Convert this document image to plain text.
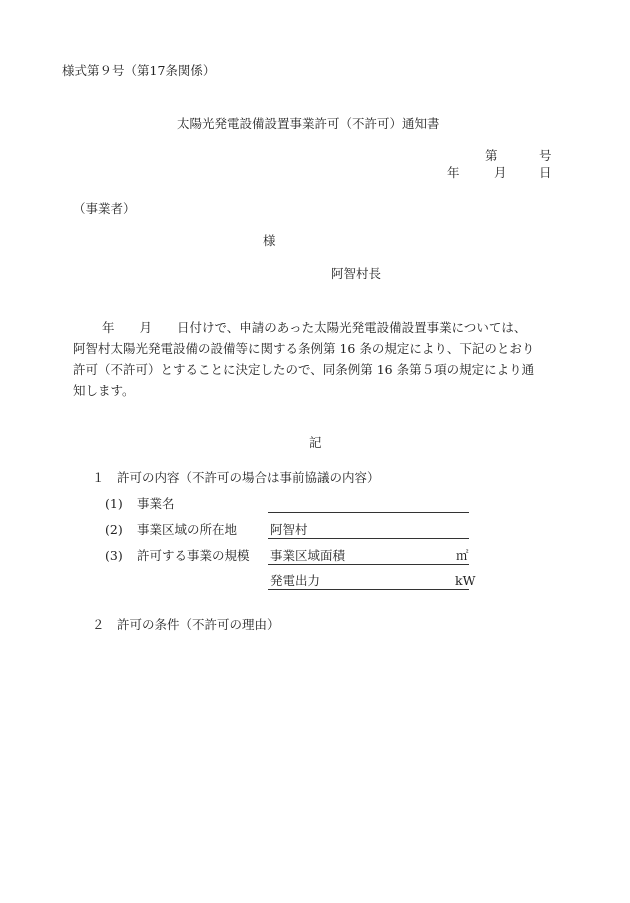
様式第９号（第17条関係）
太陽光発電設備設置事業許可（不許可）通知書
第	号
年	月	日
（事業者）
様
阿智村長
年　　月　　日付けで、申請のあった太陽光発電設備設置事業については、
阿智村太陽光発電設備の設備等に関する条例第 16 条の規定により、下記のとおり
許可（不許可）とすることに決定したので、同条例第 16 条第５項の規定により通
知します。
記
１ 許可の内容（不許可の場合は事前協議の内容）
(1) 事業名
(2) 事業区域の所在地	阿智村
(3) 許可する事業の規模 事業区域面積	㎡
発電出力	kW
２ 許可の条件（不許可の理由）
